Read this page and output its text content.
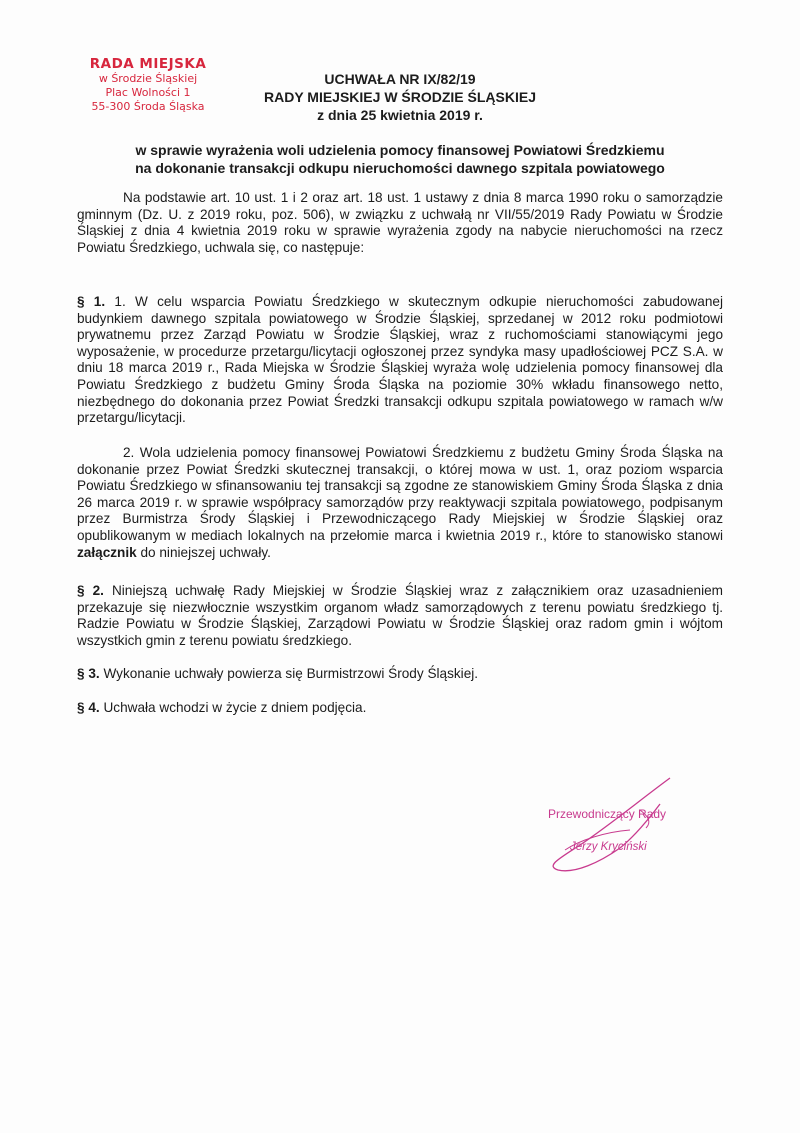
RADA MIEJSKA
w Środzie Śląskiej
Plac Wolności 1
55-300 Środa Śląska
UCHWAŁA NR IX/82/19
RADY MIEJSKIEJ W ŚRODZIE ŚLĄSKIEJ
z dnia 25 kwietnia 2019 r.
w sprawie wyrażenia woli udzielenia pomocy finansowej Powiatowi Średzkiemu
na dokonanie transakcji odkupu nieruchomości dawnego szpitala powiatowego

Na podstawie art. 10 ust. 1 i 2 oraz art. 18 ust. 1 ustawy z dnia 8 marca 1990 roku o samorządzie gminnym (Dz. U. z 2019 roku, poz. 506), w związku z uchwałą nr VII/55/2019 Rady Powiatu w Środzie Śląskiej z dnia 4 kwietnia 2019 roku w sprawie wyrażenia zgody na nabycie nieruchomości na rzecz Powiatu Średzkiego, uchwala się, co następuje:

§ 1. 1. W celu wsparcia Powiatu Średzkiego w skutecznym odkupie nieruchomości zabudowanej budynkiem dawnego szpitala powiatowego w Środzie Śląskiej, sprzedanej w 2012 roku podmiotowi prywatnemu przez Zarząd Powiatu w Środzie Śląskiej, wraz z ruchomościami stanowiącymi jego wyposażenie, w procedurze przetargu/licytacji ogłoszonej przez syndyka masy upadłościowej PCZ S.A. w dniu 18 marca 2019 r., Rada Miejska w Środzie Śląskiej wyraża wolę udzielenia pomocy finansowej dla Powiatu Średzkiego z budżetu Gminy Środa Śląska na poziomie 30% wkładu finansowego netto, niezbędnego do dokonania przez Powiat Średzki transakcji odkupu szpitala powiatowego w ramach w/w przetargu/licytacji.

2. Wola udzielenia pomocy finansowej Powiatowi Średzkiemu z budżetu Gminy Środa Śląska na dokonanie przez Powiat Średzki skutecznej transakcji, o której mowa w ust. 1, oraz poziom wsparcia Powiatu Średzkiego w sfinansowaniu tej transakcji są zgodne ze stanowiskiem Gminy Środa Śląska z dnia 26 marca 2019 r. w sprawie współpracy samorządów przy reaktywacji szpitala powiatowego, podpisanym przez Burmistrza Środy Śląskiej i Przewodniczącego Rady Miejskiej w Środzie Śląskiej oraz opublikowanym w mediach lokalnych na przełomie marca i kwietnia 2019 r., które to stanowisko stanowi załącznik do niniejszej uchwały.

§ 2. Niniejszą uchwałę Rady Miejskiej w Środzie Śląskiej wraz z załącznikiem oraz uzasadnieniem przekazuje się niezwłocznie wszystkim organom władz samorządowych z terenu powiatu średzkiego tj. Radzie Powiatu w Środzie Śląskiej, Zarządowi Powiatu w Środzie Śląskiej oraz radom gmin i wójtom wszystkich gmin z terenu powiatu średzkiego.

§ 3. Wykonanie uchwały powierza się Burmistrzowi Środy Śląskiej.

§ 4. Uchwała wchodzi w życie z dniem podjęcia.

Przewodniczący Rady
Jerzy Kryciński
